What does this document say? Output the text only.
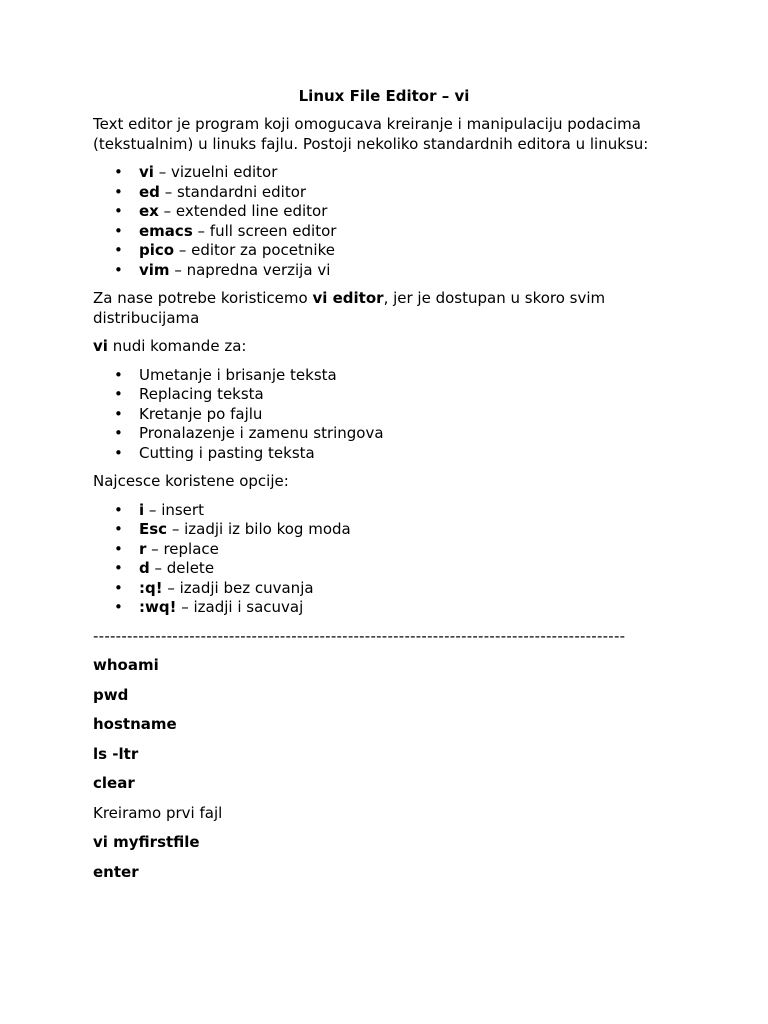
Linux File Editor – vi

Text editor je program koji omogucava kreiranje i manipulaciju podacima (tekstualnim) u linuks fajlu. Postoji nekoliko standardnih editora u linuksu:

• vi – vizuelni editor
• ed – standardni editor
• ex – extended line editor
• emacs – full screen editor
• pico – editor za pocetnike
• vim – napredna verzija vi

Za nase potrebe koristicemo vi editor, jer je dostupan u skoro svim distribucijama

vi nudi komande za:

• Umetanje i brisanje teksta
• Replacing teksta
• Kretanje po fajlu
• Pronalazenje i zamenu stringova
• Cutting i pasting teksta

Najcesce koristene opcije:

• i – insert
• Esc – izadji iz bilo kog moda
• r – replace
• d – delete
• :q! – izadji bez cuvanja
• :wq! – izadji i sacuvaj
----------------------------------------------------------------------------------------------
whoami
pwd
hostname
ls -ltr
clear
Kreiramo prvi fajl
vi myfirstfile
enter
